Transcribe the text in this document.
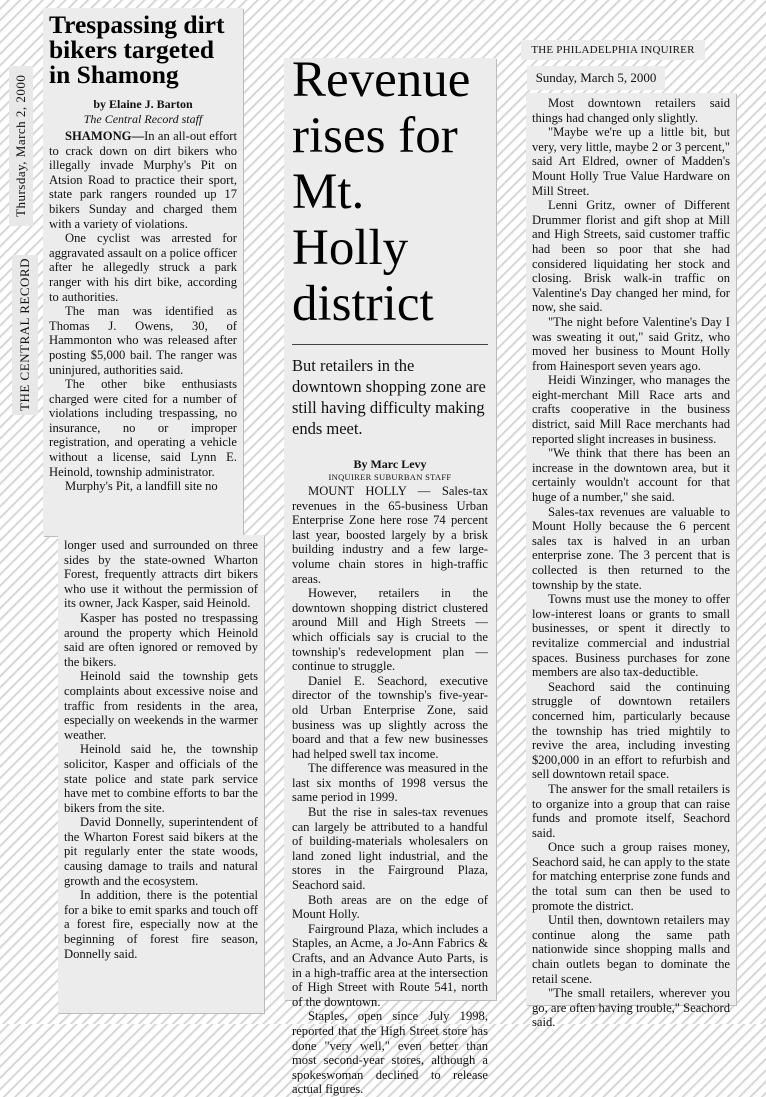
Thursday, March 2, 2000
THE CENTRAL RECORD
Trespassing dirt bikers targeted in Shamong

by Elaine J. Barton

The Central Record staff

SHAMONG—In an all-out effort to crack down on dirt bikers who illegally invade Murphy's Pit on Atsion Road to practice their sport, state park rangers rounded up 17 bikers Sunday and charged them with a variety of violations.

One cyclist was arrested for aggravated assault on a police officer after he allegedly struck a park ranger with his dirt bike, according to authorities.

The man was identified as Thomas J. Owens, 30, of Hammonton who was released after posting $5,000 bail. The ranger was uninjured, authorities said.

The other bike enthusiasts charged were cited for a number of violations including trespassing, no insurance, no or improper registration, and operating a vehicle without a license, said Lynn E. Heinold, township administrator.

Murphy's Pit, a landfill site no

longer used and surrounded on three sides by the state-owned Wharton Forest, frequently attracts dirt bikers who use it without the permission of its owner, Jack Kasper, said Heinold.

Kasper has posted no trespassing around the property which Heinold said are often ignored or removed by the bikers.

Heinold said the township gets complaints about excessive noise and traffic from residents in the area, especially on weekends in the warmer weather.

Heinold said he, the township solicitor, Kasper and officials of the state police and state park service have met to combine efforts to bar the bikers from the site.

David Donnelly, superintendent of the Wharton Forest said bikers at the pit regularly enter the state woods, causing damage to trails and natural growth and the ecosystem.

In addition, there is the potential for a bike to emit sparks and touch off a forest fire, especially now at the beginning of forest fire season, Donnelly said.

Revenue rises for Mt. Holly district

But retailers in the downtown shopping zone are still having difficulty making ends meet.

By Marc Levy

INQUIRER SUBURBAN STAFF

MOUNT HOLLY — Sales-tax revenues in the 65-business Urban Enterprise Zone here rose 74 percent last year, boosted largely by a brisk building industry and a few large-volume chain stores in high-traffic areas.

However, retailers in the downtown shopping district clustered around Mill and High Streets — which officials say is crucial to the township's redevelopment plan — continue to struggle.

Daniel E. Seachord, executive director of the township's five-year-old Urban Enterprise Zone, said business was up slightly across the board and that a few new businesses had helped swell tax income.

The difference was measured in the last six months of 1998 versus the same period in 1999.

But the rise in sales-tax revenues can largely be attributed to a handful of building-materials wholesalers on land zoned light industrial, and the stores in the Fairground Plaza, Seachord said.

Both areas are on the edge of Mount Holly.

Fairground Plaza, which includes a Staples, an Acme, a Jo-Ann Fabrics & Crafts, and an Advance Auto Parts, is in a high-traffic area at the intersection of High Street with Route 541, north of the downtown.

Staples, open since July 1998, reported that the High Street store has done "very well," even better than most second-year stores, although a spokeswoman declined to release actual figures.

THE PHILADELPHIA INQUIRER
Sunday, March 5, 2000

Most downtown retailers said things had changed only slightly.

"Maybe we're up a little bit, but very, very little, maybe 2 or 3 percent," said Art Eldred, owner of Madden's Mount Holly True Value Hardware on Mill Street.

Lenni Gritz, owner of Different Drummer florist and gift shop at Mill and High Streets, said customer traffic had been so poor that she had considered liquidating her stock and closing. Brisk walk-in traffic on Valentine's Day changed her mind, for now, she said.

"The night before Valentine's Day I was sweating it out," said Gritz, who moved her business to Mount Holly from Hainesport seven years ago.

Heidi Winzinger, who manages the eight-merchant Mill Race arts and crafts cooperative in the business district, said Mill Race merchants had reported slight increases in business.

"We think that there has been an increase in the downtown area, but it certainly wouldn't account for that huge of a number," she said.

Sales-tax revenues are valuable to Mount Holly because the 6 percent sales tax is halved in an urban enterprise zone. The 3 percent that is collected is then returned to the township by the state.

Towns must use the money to offer low-interest loans or grants to small businesses, or spent it directly to revitalize commercial and industrial spaces. Business purchases for zone members are also tax-deductible.

Seachord said the continuing struggle of downtown retailers concerned him, particularly because the township has tried mightily to revive the area, including investing $200,000 in an effort to refurbish and sell downtown retail space.

The answer for the small retailers is to organize into a group that can raise funds and promote itself, Seachord said.

Once such a group raises money, Seachord said, he can apply to the state for matching enterprise zone funds and the total sum can then be used to promote the district.

Until then, downtown retailers may continue along the same path nationwide since shopping malls and chain outlets began to dominate the retail scene.

"The small retailers, wherever you go, are often having trouble," Seachord said.
